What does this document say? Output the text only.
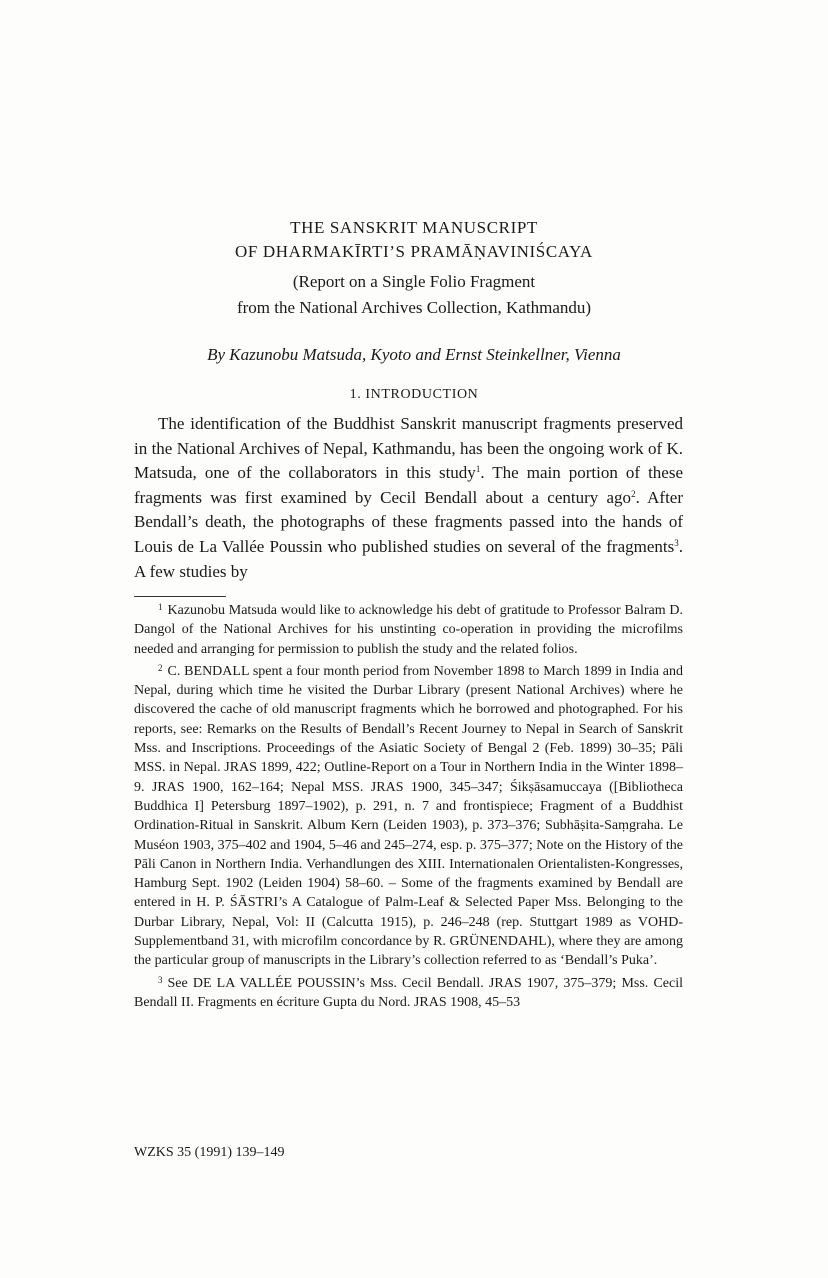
THE SANSKRIT MANUSCRIPT
OF DHARMAKĪRTI’S PRAMĀṆAVINIŚCAYA
(Report on a Single Folio Fragment
from the National Archives Collection, Kathmandu)
By Kazunobu Matsuda, Kyoto and Ernst Steinkellner, Vienna
1. INTRODUCTION

The identification of the Buddhist Sanskrit manuscript fragments preserved in the National Archives of Nepal, Kathmandu, has been the ongoing work of K. Matsuda, one of the collaborators in this study$^1$. The main portion of these fragments was first examined by Cecil Bendall about a century ago$^2$. After Bendall’s death, the photographs of these fragments passed into the hands of Louis de La Vallée Poussin who published studies on several of the fragments$^3$. A few studies by

$^1$ Kazunobu Matsuda would like to acknowledge his debt of gratitude to Professor Balram D. Dangol of the National Archives for his unstinting co-operation in providing the microfilms needed and arranging for permission to publish the study and the related folios.

$^2$ C. BENDALL spent a four month period from November 1898 to March 1899 in India and Nepal, during which time he visited the Durbar Library (present National Archives) where he discovered the cache of old manuscript fragments which he borrowed and photographed. For his reports, see: Remarks on the Results of Bendall’s Recent Journey to Nepal in Search of Sanskrit Mss. and Inscriptions. Proceedings of the Asiatic Society of Bengal 2 (Feb. 1899) 30–35; Pāli MSS. in Nepal. JRAS 1899, 422; Outline-Report on a Tour in Northern India in the Winter 1898–9. JRAS 1900, 162–164; Nepal MSS. JRAS 1900, 345–347; Śikṣāsamuccaya ([Bibliotheca Buddhica I] Petersburg 1897–1902), p. 291, n. 7 and frontispiece; Fragment of a Buddhist Ordination-Ritual in Sanskrit. Album Kern (Leiden 1903), p. 373–376; Subhāṣita-Saṃgraha. Le Muséon 1903, 375–402 and 1904, 5–46 and 245–274, esp. p. 375–377; Note on the History of the Pāli Canon in Northern India. Verhandlungen des XIII. Internationalen Orientalisten-Kongresses, Hamburg Sept. 1902 (Leiden 1904) 58–60. – Some of the fragments examined by Bendall are entered in H. P. ŚĀSTRI’s A Catalogue of Palm-Leaf & Selected Paper Mss. Belonging to the Durbar Library, Nepal, Vol: II (Calcutta 1915), p. 246–248 (rep. Stuttgart 1989 as VOHD-Supplementband 31, with microfilm concordance by R. GRÜNENDAHL), where they are among the particular group of manuscripts in the Library’s collection referred to as ‘Bendall’s Puka’.

$^3$ See DE LA VALLÉE POUSSIN’s Mss. Cecil Bendall. JRAS 1907, 375–379; Mss. Cecil Bendall II. Fragments en écriture Gupta du Nord. JRAS 1908, 45–53

WZKS 35 (1991) 139–149
